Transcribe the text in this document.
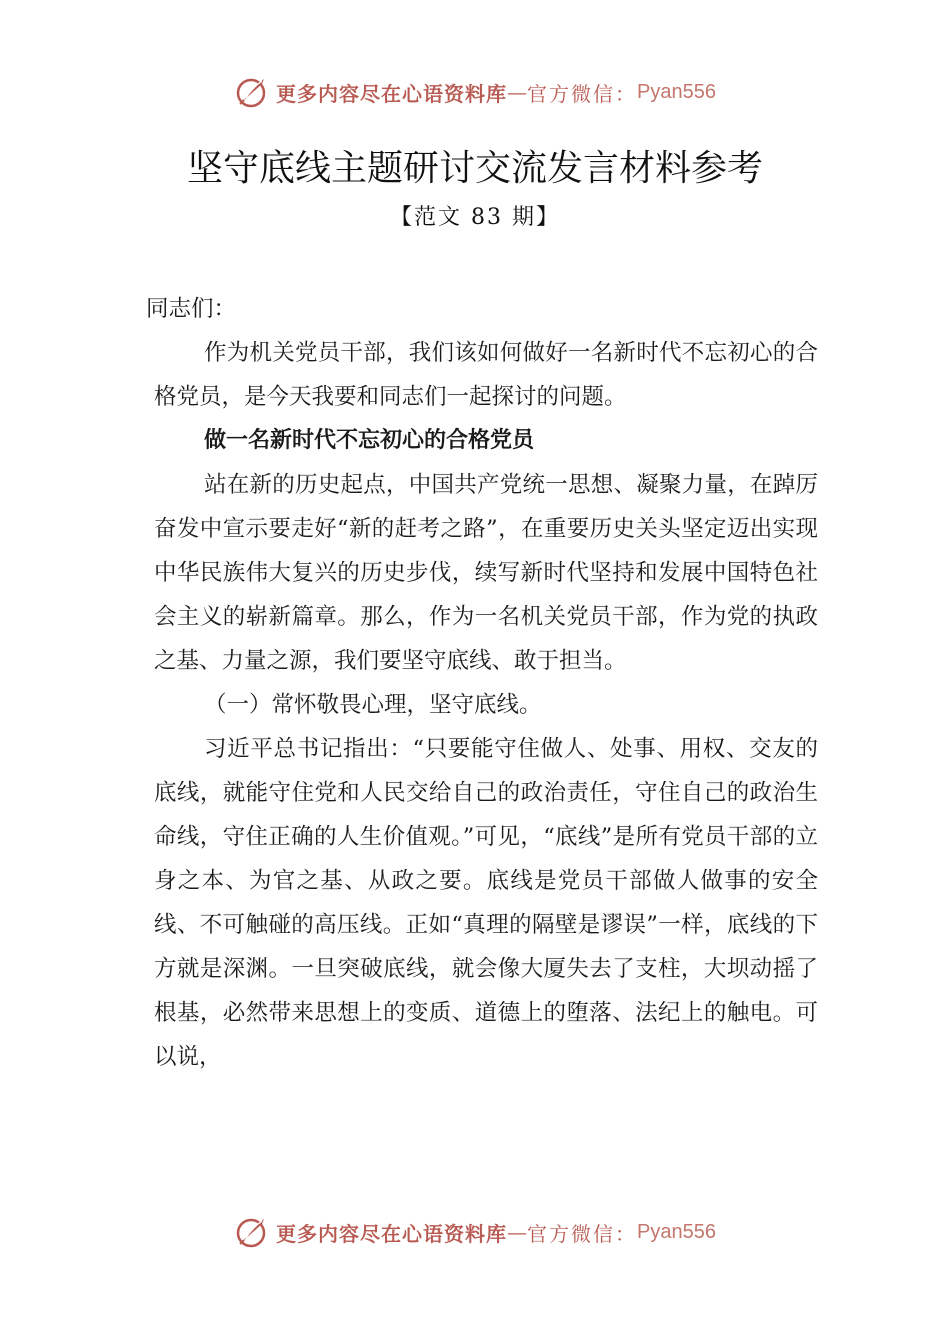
更多内容尽在心语资料库 — 官方微信： Pyan556
坚守底线主题研讨交流发言材料参考
【范文 83 期】

同志们：

作为机关党员干部，我们该如何做好一名新时代不忘初心的合格党员，是今天我要和同志们一起探讨的问题。

做一名新时代不忘初心的合格党员

站在新的历史起点，中国共产党统一思想、凝聚力量，在踔厉奋发中宣示要走好“新的赶考之路”，在重要历史关头坚定迈出实现中华民族伟大复兴的历史步伐，续写新时代坚持和发展中国特色社会主义的崭新篇章。那么，作为一名机关党员干部，作为党的执政之基、力量之源，我们要坚守底线、敢于担当。

（一）常怀敬畏心理，坚守底线。

习近平总书记指出：“只要能守住做人、处事、用权、交友的底线，就能守住党和人民交给自己的政治责任，守住自己的政治生命线，守住正确的人生价值观。”可见，“底线”是所有党员干部的立身之本、为官之基、从政之要。底线是党员干部做人做事的安全线、不可触碰的高压线。正如“真理的隔壁是谬误”一样，底线的下方就是深渊。一旦突破底线，就会像大厦失去了支柱，大坝动摇了根基，必然带来思想上的变质、道德上的堕落、法纪上的触电。可以说，

更多内容尽在心语资料库 — 官方微信： Pyan556
